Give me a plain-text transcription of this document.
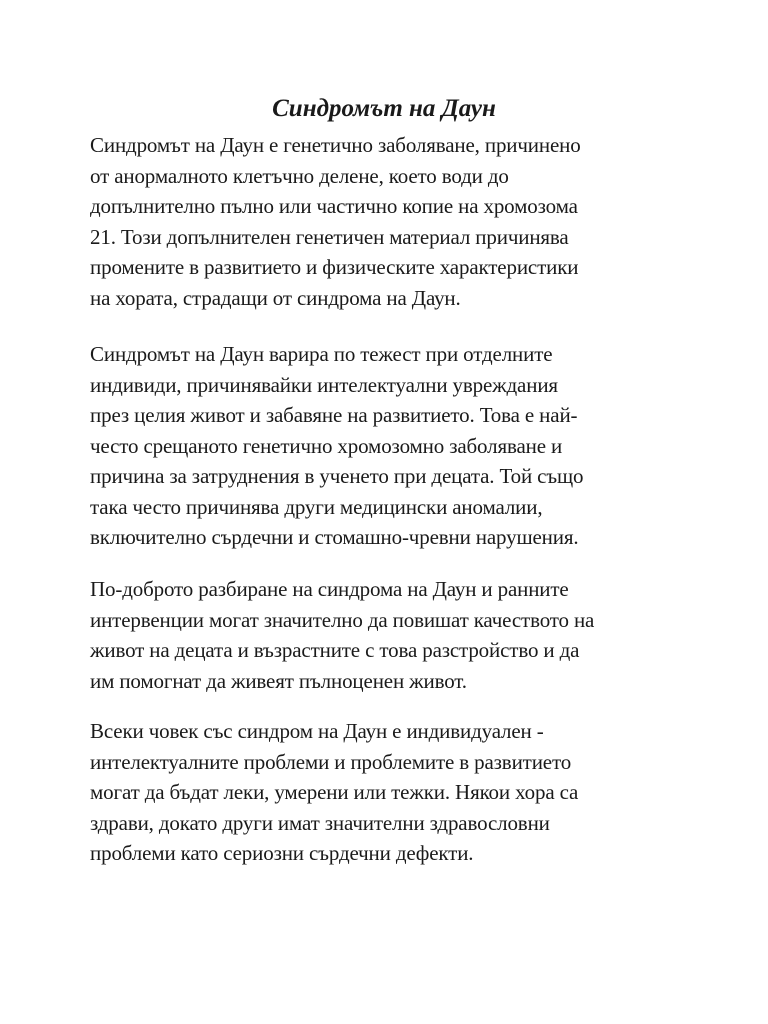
Синдромът на Даун

Синдромът на Даун е генетично заболяване, причинено
от анормалното клетъчно делене, което води до
допълнително пълно или частично копие на хромозома
21. Този допълнителен генетичен материал причинява
промените в развитието и физическите характеристики
на хората, страдащи от синдрома на Даун.

Синдромът на Даун варира по тежест при отделните
индивиди, причинявайки интелектуални увреждания
през целия живот и забавяне на развитието. Това е най-
често срещаното генетично хромозомно заболяване и
причина за затруднения в ученето при децата. Той също
така често причинява други медицински аномалии,
включително сърдечни и стомашно-чревни нарушения.

По-доброто разбиране на синдрома на Даун и ранните
интервенции могат значително да повишат качеството на
живот на децата и възрастните с това разстройство и да
им помогнат да живеят пълноценен живот.

Всеки човек със синдром на Даун е индивидуален -
интелектуалните проблеми и проблемите в развитието
могат да бъдат леки, умерени или тежки. Някои хора са
здрави, докато други имат значителни здравословни
проблеми като сериозни сърдечни дефекти.
